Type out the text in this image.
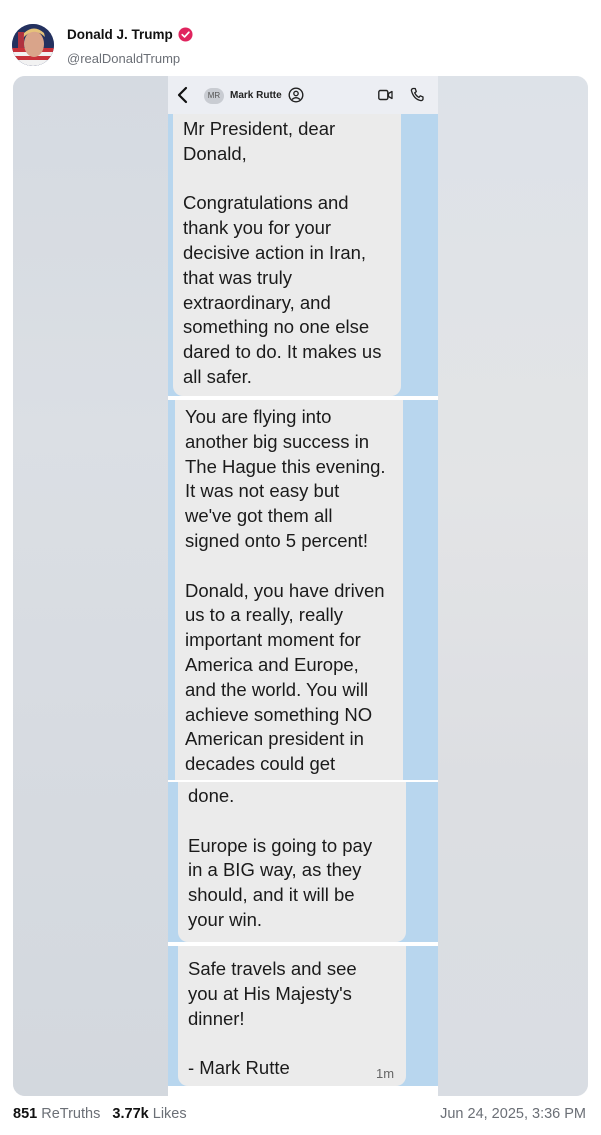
Donald J. Trump
@realDonaldTrump
MR Mark Rutte
Mr President, dear
Donald,

Congratulations and
thank you for your
decisive action in Iran,
that was truly
extraordinary, and
something no one else
dared to do. It makes us
all safer.
You are flying into
another big success in
The Hague this evening.
It was not easy but
we've got them all
signed onto 5 percent!

Donald, you have driven
us to a really, really
important moment for
America and Europe,
and the world. You will
achieve something NO
American president in
decades could get
done.

Europe is going to pay
in a BIG way, as they
should, and it will be
your win.
Safe travels and see
you at His Majesty's
dinner!

- Mark Rutte	1m
851 ReTruths 3.77k Likes	Jun 24, 2025, 3:36 PM
